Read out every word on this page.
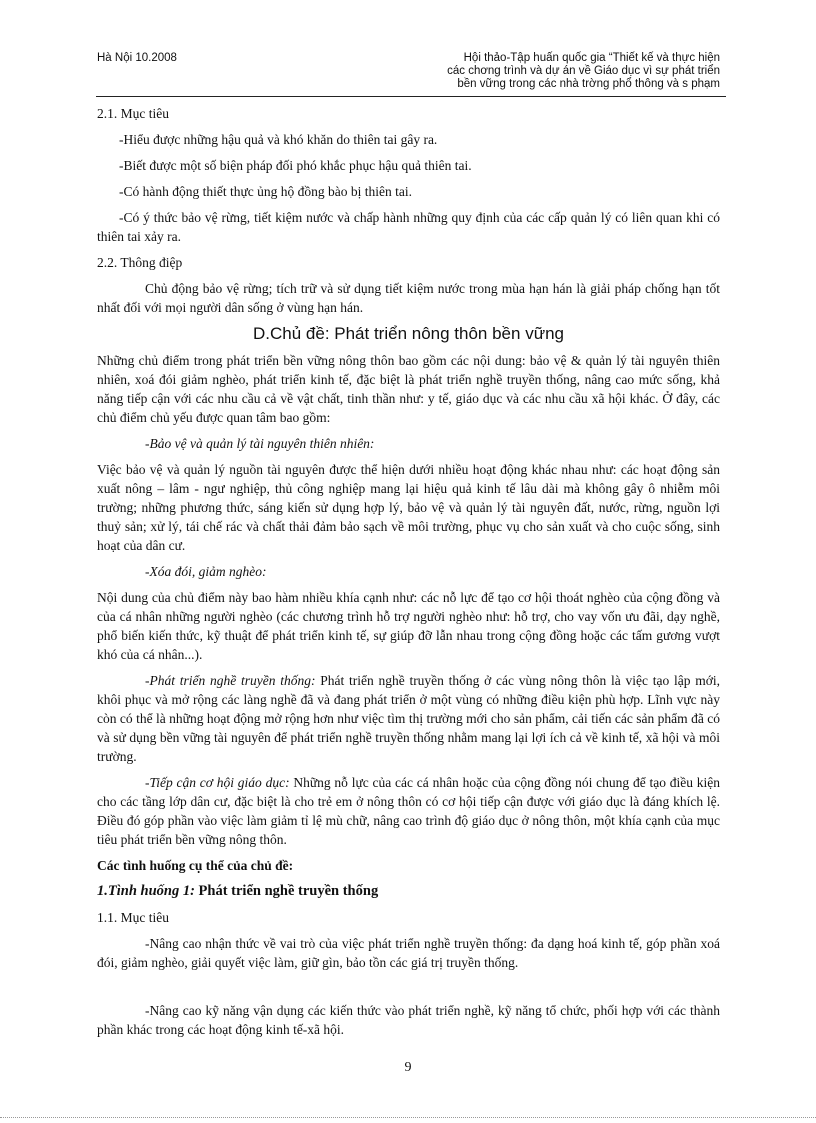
Hà Nội 10.2008	Hội thảo-Tập huấn quốc gia “Thiết kế và thực hiện
các chơng trình và dự án về Giáo dục vì sự phát triển
bền vững trong các nhà trờng phổ thông và s phạm

2.1. Mục tiêu

-Hiểu được những hậu quả và khó khăn do thiên tai gây ra.

-Biết được một số biện pháp đối phó khắc phục hậu quả thiên tai.

-Có hành động thiết thực ủng hộ đồng bào bị thiên tai.

-Có ý thức bảo vệ rừng, tiết kiệm nước và chấp hành những quy định của các cấp quản lý có liên quan khi có thiên tai xảy ra.

2.2. Thông điệp

Chủ động bảo vệ rừng; tích trữ và sử dụng tiết kiệm nước trong mùa hạn hán là giải pháp chống hạn tốt nhất đối với mọi người dân sống ở vùng hạn hán.

D.Chủ đề: Phát triển nông thôn bền vững

Những chủ điểm trong phát triển bền vững nông thôn bao gồm các nội dung: bảo vệ & quản lý tài nguyên thiên nhiên, xoá đói giảm nghèo, phát triển kinh tế, đặc biệt là phát triển nghề truyền thống, nâng cao mức sống, khả năng tiếp cận với các nhu cầu cả về vật chất, tinh thần như: y tế, giáo dục và các nhu cầu xã hội khác. Ở đây, các chủ điểm chủ yếu được quan tâm bao gồm:

-Bảo vệ và quản lý tài nguyên thiên nhiên:

Việc bảo vệ và quản lý nguồn tài nguyên được thể hiện dưới nhiều hoạt động khác nhau như: các hoạt động sản xuất nông – lâm - ngư nghiệp, thủ công nghiệp mang lại hiệu quả kinh tế lâu dài mà không gây ô nhiễm môi trường; những phương thức, sáng kiến sử dụng hợp lý, bảo vệ và quản lý tài nguyên đất, nước, rừng, nguồn lợi thuỷ sản; xử lý, tái chế rác và chất thải đảm bảo sạch về môi trường, phục vụ cho sản xuất và cho cuộc sống, sinh hoạt của dân cư.

-Xóa đói, giảm nghèo:

Nội dung của chủ điểm này bao hàm nhiều khía cạnh như: các nỗ lực để tạo cơ hội thoát nghèo của cộng đồng và của cá nhân những người nghèo (các chương trình hỗ trợ người nghèo như: hỗ trợ, cho vay vốn ưu đãi, dạy nghề, phổ biến kiến thức, kỹ thuật để phát triển kinh tế, sự giúp đỡ lẫn nhau trong cộng đồng hoặc các tấm gương vượt khó của cá nhân...).

-Phát triển nghề truyền thống: Phát triển nghề truyền thống ở các vùng nông thôn là việc tạo lập mới, khôi phục và mở rộng các làng nghề đã và đang phát triển ở một vùng có những điều kiện phù hợp. Lĩnh vực này còn có thể là những hoạt động mở rộng hơn như việc tìm thị trường mới cho sản phẩm, cải tiến các sản phẩm đã có và sử dụng bền vững tài nguyên để phát triển nghề truyền thống nhằm mang lại lợi ích cả về kinh tế, xã hội và môi trường.

-Tiếp cận cơ hội giáo dục: Những nỗ lực của các cá nhân hoặc của cộng đồng nói chung để tạo điều kiện cho các tầng lớp dân cư, đặc biệt là cho trẻ em ở nông thôn có cơ hội tiếp cận được với giáo dục là đáng khích lệ. Điều đó góp phần vào việc làm giảm tỉ lệ mù chữ, nâng cao trình độ giáo dục ở nông thôn, một khía cạnh của mục tiêu phát triển bền vững nông thôn.

Các tình huống cụ thể của chủ đề:

1.Tình huống 1: Phát triển nghề truyền thống

1.1. Mục tiêu

-Nâng cao nhận thức về vai trò của việc phát triển nghề truyền thống: đa dạng hoá kinh tế, góp phần xoá đói, giảm nghèo, giải quyết việc làm, giữ gìn, bảo tồn các giá trị truyền thống.

-Nâng cao kỹ năng vận dụng các kiến thức vào phát triển nghề, kỹ năng tổ chức, phối hợp với các thành phần khác trong các hoạt động kinh tế-xã hội.

9
